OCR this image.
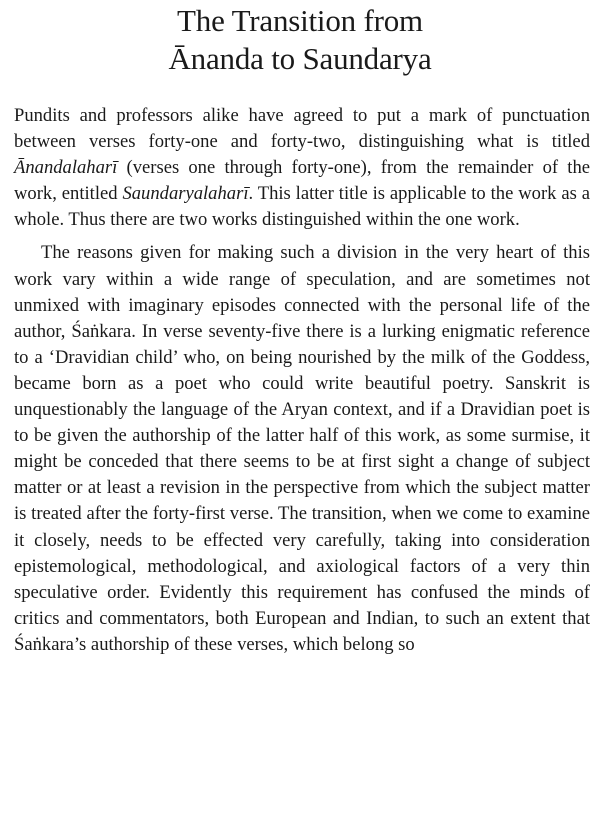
The Transition from
Ānanda to Saundarya

Pundits and professors alike have agreed to put a mark of punctuation between verses forty-one and forty-two, distinguishing what is titled Ānandalaharī (verses one through forty-one), from the remainder of the work, entitled Saundaryalaharī. This latter title is applicable to the work as a whole. Thus there are two works distinguished within the one work.

The reasons given for making such a division in the very heart of this work vary within a wide range of speculation, and are sometimes not unmixed with imaginary episodes connected with the personal life of the author, Śaṅkara. In verse seventy-five there is a lurking enigmatic reference to a ‘Dravidian child’ who, on being nourished by the milk of the Goddess, became born as a poet who could write beautiful poetry. Sanskrit is unquestionably the language of the Aryan context, and if a Dravidian poet is to be given the authorship of the latter half of this work, as some surmise, it might be conceded that there seems to be at first sight a change of subject matter or at least a revision in the perspective from which the subject matter is treated after the forty-first verse. The transition, when we come to examine it closely, needs to be effected very carefully, taking into consideration epistemological, methodological, and axiological factors of a very thin speculative order. Evidently this requirement has confused the minds of critics and commentators, both European and Indian, to such an extent that Śaṅkara’s authorship of these verses, which belong so
